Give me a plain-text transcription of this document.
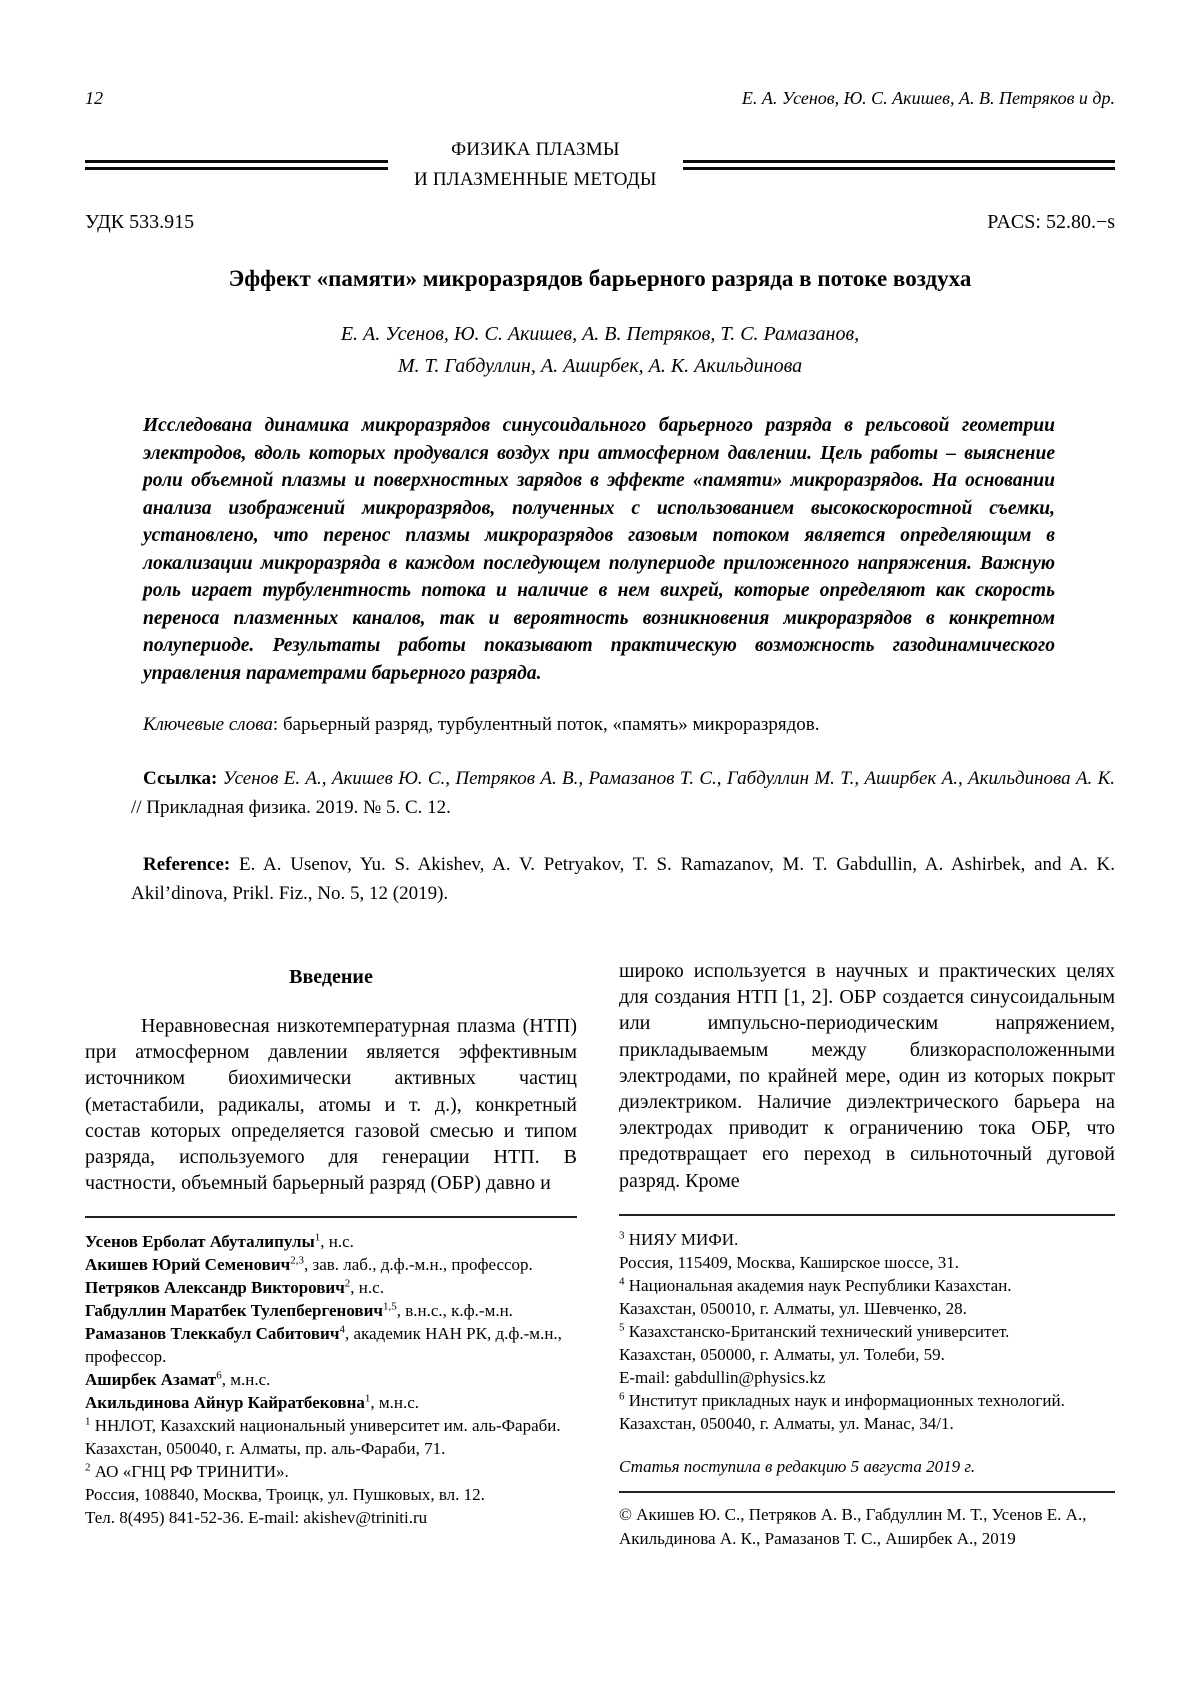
12	Е. А. Усенов, Ю. С. Акишев, А. В. Петряков и др.
ФИЗИКА ПЛАЗМЫ
И ПЛАЗМЕННЫЕ МЕТОДЫ
УДК 533.915	PACS: 52.80.−s
Эффект «памяти» микроразрядов барьерного разряда в потоке воздуха
Е. А. Усенов, Ю. С. Акишев, А. В. Петряков, Т. С. Рамазанов,
М. Т. Габдуллин, А. Аширбек, А. К. Акильдинова
Исследована динамика микроразрядов синусоидального барьерного разряда в рельсовой геометрии электродов, вдоль которых продувался воздух при атмосферном давлении. Цель работы – выяснение роли объемной плазмы и поверхностных зарядов в эффекте «памяти» микроразрядов. На основании анализа изображений микроразрядов, полученных с использованием высокоскоростной съемки, установлено, что перенос плазмы микроразрядов газовым потоком является определяющим в локализации микроразряда в каждом последующем полупериоде приложенного напряжения. Важную роль играет турбулентность потока и наличие в нем вихрей, которые определяют как скорость переноса плазменных каналов, так и вероятность возникновения микроразрядов в конкретном полупериоде. Результаты работы показывают практическую возможность газодинамического управления параметрами барьерного разряда.
Ключевые слова: барьерный разряд, турбулентный поток, «память» микроразрядов.
Ссылка: Усенов Е. А., Акишев Ю. С., Петряков А. В., Рамазанов Т. С., Габдуллин М. Т., Аширбек А., Акильдинова А. К. // Прикладная физика. 2019. № 5. С. 12.
Reference: E. A. Usenov, Yu. S. Akishev, A. V. Petryakov, T. S. Ramazanov, M. T. Gabdullin, A. Ashirbek, and A. K. Akil’dinova, Prikl. Fiz., No. 5, 12 (2019).
Введение
Неравновесная низкотемпературная плазма (НТП) при атмосферном давлении является эффективным источником биохимически активных частиц (метастабили, радикалы, атомы и т. д.), конкретный состав которых определяется газовой смесью и типом разряда, используемого для генерации НТП. В частности, объемный барьерный разряд (ОБР) давно и
Усенов Ерболат Абуталипулы$^1$, н.с.
Акишев Юрий Семенович$^{2,3}$, зав. лаб., д.ф.-м.н., профессор.
Петряков Александр Викторович$^2$, н.с.
Габдуллин Маратбек Тулепбергенович$^{1,5}$, в.н.с., к.ф.-м.н.
Рамазанов Тлеккабул Сабитович$^4$, академик НАН РК, д.ф.-м.н., профессор.
Аширбек Азамат$^6$, м.н.с.
Акильдинова Айнур Кайратбековна$^1$, м.н.с.
$^1$ ННЛОТ, Казахский национальный университет им. аль-Фараби.
Казахстан, 050040, г. Алматы, пр. аль-Фараби, 71.
$^2$ АО «ГНЦ РФ ТРИНИТИ».
Россия, 108840, Москва, Троицк, ул. Пушковых, вл. 12.
Тел. 8(495) 841-52-36. E-mail: akishev@triniti.ru
широко используется в научных и практических целях для создания НТП [1, 2]. ОБР создается синусоидальным или импульсно-периодическим напряжением, прикладываемым между близкорасположенными электродами, по крайней мере, один из которых покрыт диэлектриком. Наличие диэлектрического барьера на электродах приводит к ограничению тока ОБР, что предотвращает его переход в сильноточный дуговой разряд. Кроме
$^3$ НИЯУ МИФИ.
Россия, 115409, Москва, Каширское шоссе, 31.
$^4$ Национальная академия наук Республики Казахстан.
Казахстан, 050010, г. Алматы, ул. Шевченко, 28.
$^5$ Казахстанско-Британский технический университет.
Казахстан, 050000, г. Алматы, ул. Толеби, 59.
E-mail: gabdullin@physics.kz
$^6$ Институт прикладных наук и информационных технологий.
Казахстан, 050040, г. Алматы, ул. Манас, 34/1.
Статья поступила в редакцию 5 августа 2019 г.
© Акишев Ю. С., Петряков А. В., Габдуллин М. Т., Усенов Е. А., Акильдинова А. К., Рамазанов Т. С., Аширбек А., 2019
